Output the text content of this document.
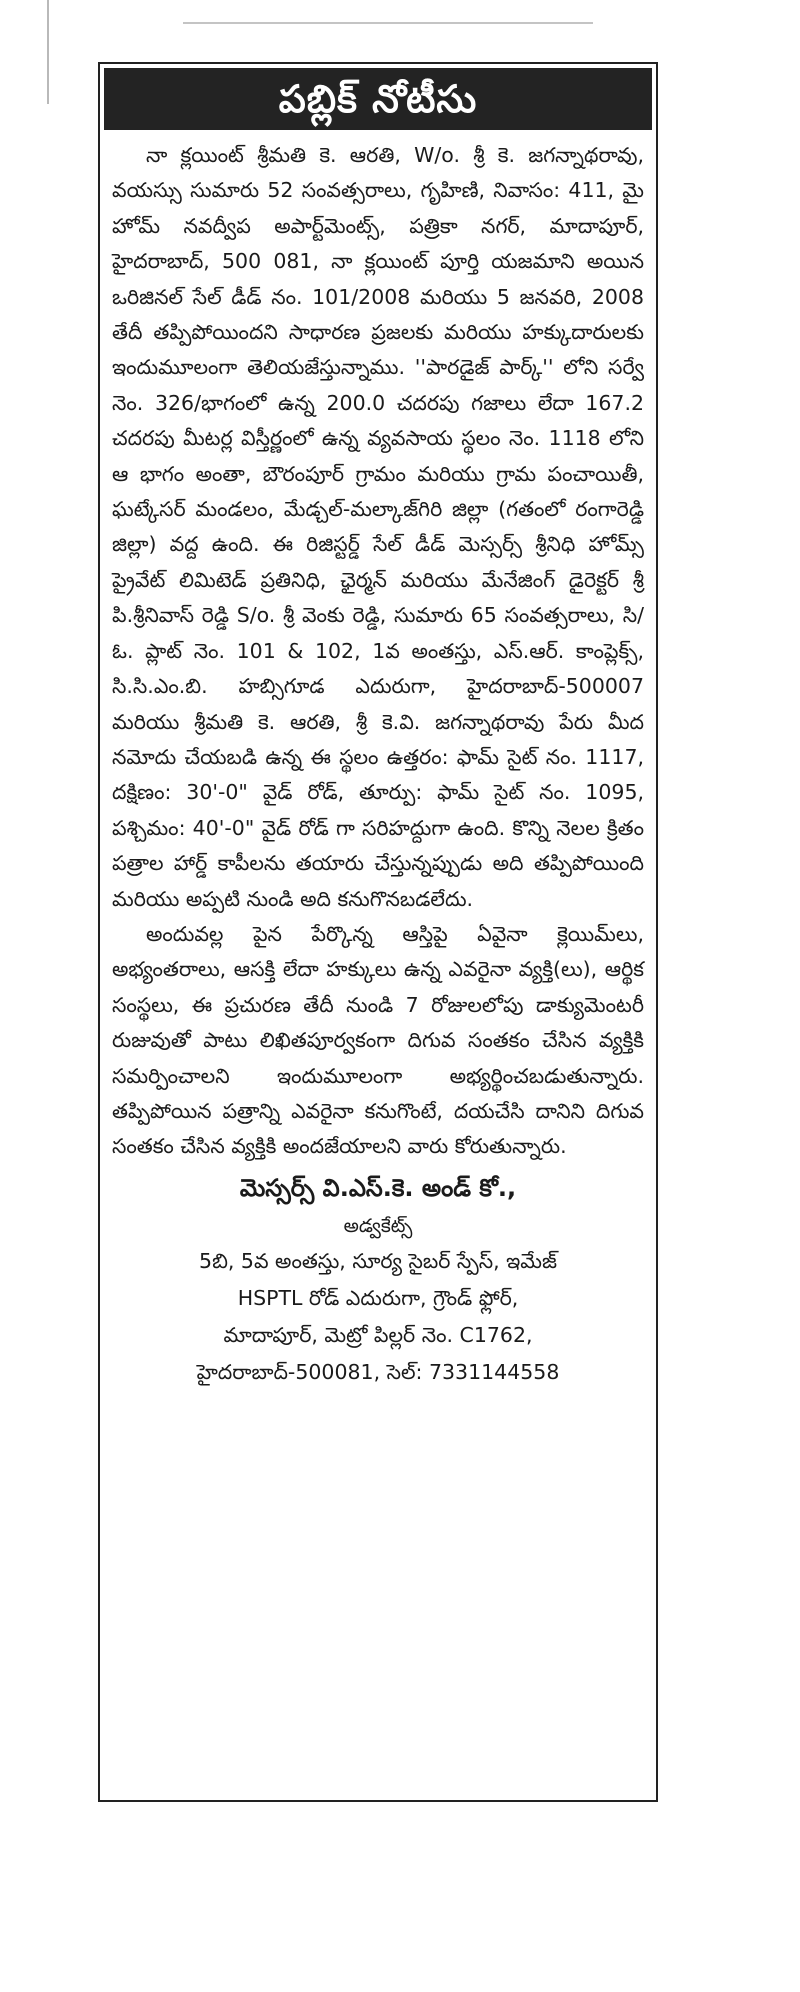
పబ్లిక్ నోటీసు

నా క్లయింట్ శ్రీమతి కె. ఆరతి, W/o. శ్రీ కె. జగన్నాథరావు, వయస్సు సుమారు 52 సంవత్సరాలు, గృహిణి, నివాసం: 411, మై హోమ్ నవద్వీప అపార్ట్‌మెంట్స్, పత్రికా నగర్, మాదాపూర్, హైదరాబాద్, 500 081, నా క్లయింట్ పూర్తి యజమాని అయిన ఒరిజినల్ సేల్ డీడ్ నం. 101/2008 మరియు 5 జనవరి, 2008 తేదీ తప్పిపోయిందని సాధారణ ప్రజలకు మరియు హక్కుదారులకు ఇందుమూలంగా తెలియజేస్తున్నాము. ''పారడైజ్ పార్క్'' లోని సర్వే నెం. 326/భాగంలో ఉన్న 200.0 చదరపు గజాలు లేదా 167.2 చదరపు మీటర్ల విస్తీర్ణంలో ఉన్న వ్యవసాయ స్థలం నెం. 1118 లోని ఆ భాగం అంతా, బౌరంపూర్ గ్రామం మరియు గ్రామ పంచాయితీ, ఘట్కేసర్ మండలం, మేడ్చల్-మల్కాజ్‌గిరి జిల్లా (గతంలో రంగారెడ్డి జిల్లా) వద్ద ఉంది. ఈ రిజిస్టర్డ్ సేల్ డీడ్ మెస్సర్స్ శ్రీనిధి హోమ్స్ ప్రైవేట్ లిమిటెడ్ ప్రతినిధి, ఛైర్మన్ మరియు మేనేజింగ్ డైరెక్టర్ శ్రీ పి.శ్రీనివాస్ రెడ్డి S/o. శ్రీ వెంకు రెడ్డి, సుమారు 65 సంవత్సరాలు, సి/ఓ. ప్లాట్ నెం. 101 & 102, 1వ అంతస్తు, ఎస్.ఆర్. కాంప్లెక్స్, సి.సి.ఎం.బి. హబ్సిగూడ ఎదురుగా, హైదరాబాద్-500007 మరియు శ్రీమతి కె. ఆరతి, శ్రీ కె.వి. జగన్నాథరావు పేరు మీద నమోదు చేయబడి ఉన్న ఈ స్థలం ఉత్తరం: ఫామ్ సైట్ నం. 1117, దక్షిణం: 30'-0" వైడ్ రోడ్, తూర్పు: ఫామ్ సైట్ నం. 1095, పశ్చిమం: 40'-0" వైడ్ రోడ్ గా సరిహద్దుగా ఉంది. కొన్ని నెలల క్రితం పత్రాల హార్డ్ కాపీలను తయారు చేస్తున్నప్పుడు అది తప్పిపోయింది మరియు అప్పటి నుండి అది కనుగొనబడలేదు.

అందువల్ల పైన పేర్కొన్న ఆస్తిపై ఏవైనా క్లెయిమ్‌లు, అభ్యంతరాలు, ఆసక్తి లేదా హక్కులు ఉన్న ఎవరైనా వ్యక్తి(లు), ఆర్థిక సంస్థలు, ఈ ప్రచురణ తేదీ నుండి 7 రోజులలోపు డాక్యుమెంటరీ రుజువుతో పాటు లిఖితపూర్వకంగా దిగువ సంతకం చేసిన వ్యక్తికి సమర్పించాలని ఇందుమూలంగా అభ్యర్థించబడుతున్నారు. తప్పిపోయిన పత్రాన్ని ఎవరైనా కనుగొంటే, దయచేసి దానిని దిగువ సంతకం చేసిన వ్యక్తికి అందజేయాలని వారు కోరుతున్నారు.

మెస్సర్స్ వి.ఎస్.కె. అండ్ కో.,
అడ్వకేట్స్
5బి, 5వ అంతస్తు, సూర్య సైబర్ స్పేస్, ఇమేజ్
HSPTL రోడ్ ఎదురుగా, గ్రౌండ్ ఫ్లోర్,
మాదాపూర్, మెట్రో పిల్లర్ నెం. C1762,
హైదరాబాద్-500081, సెల్: 7331144558
